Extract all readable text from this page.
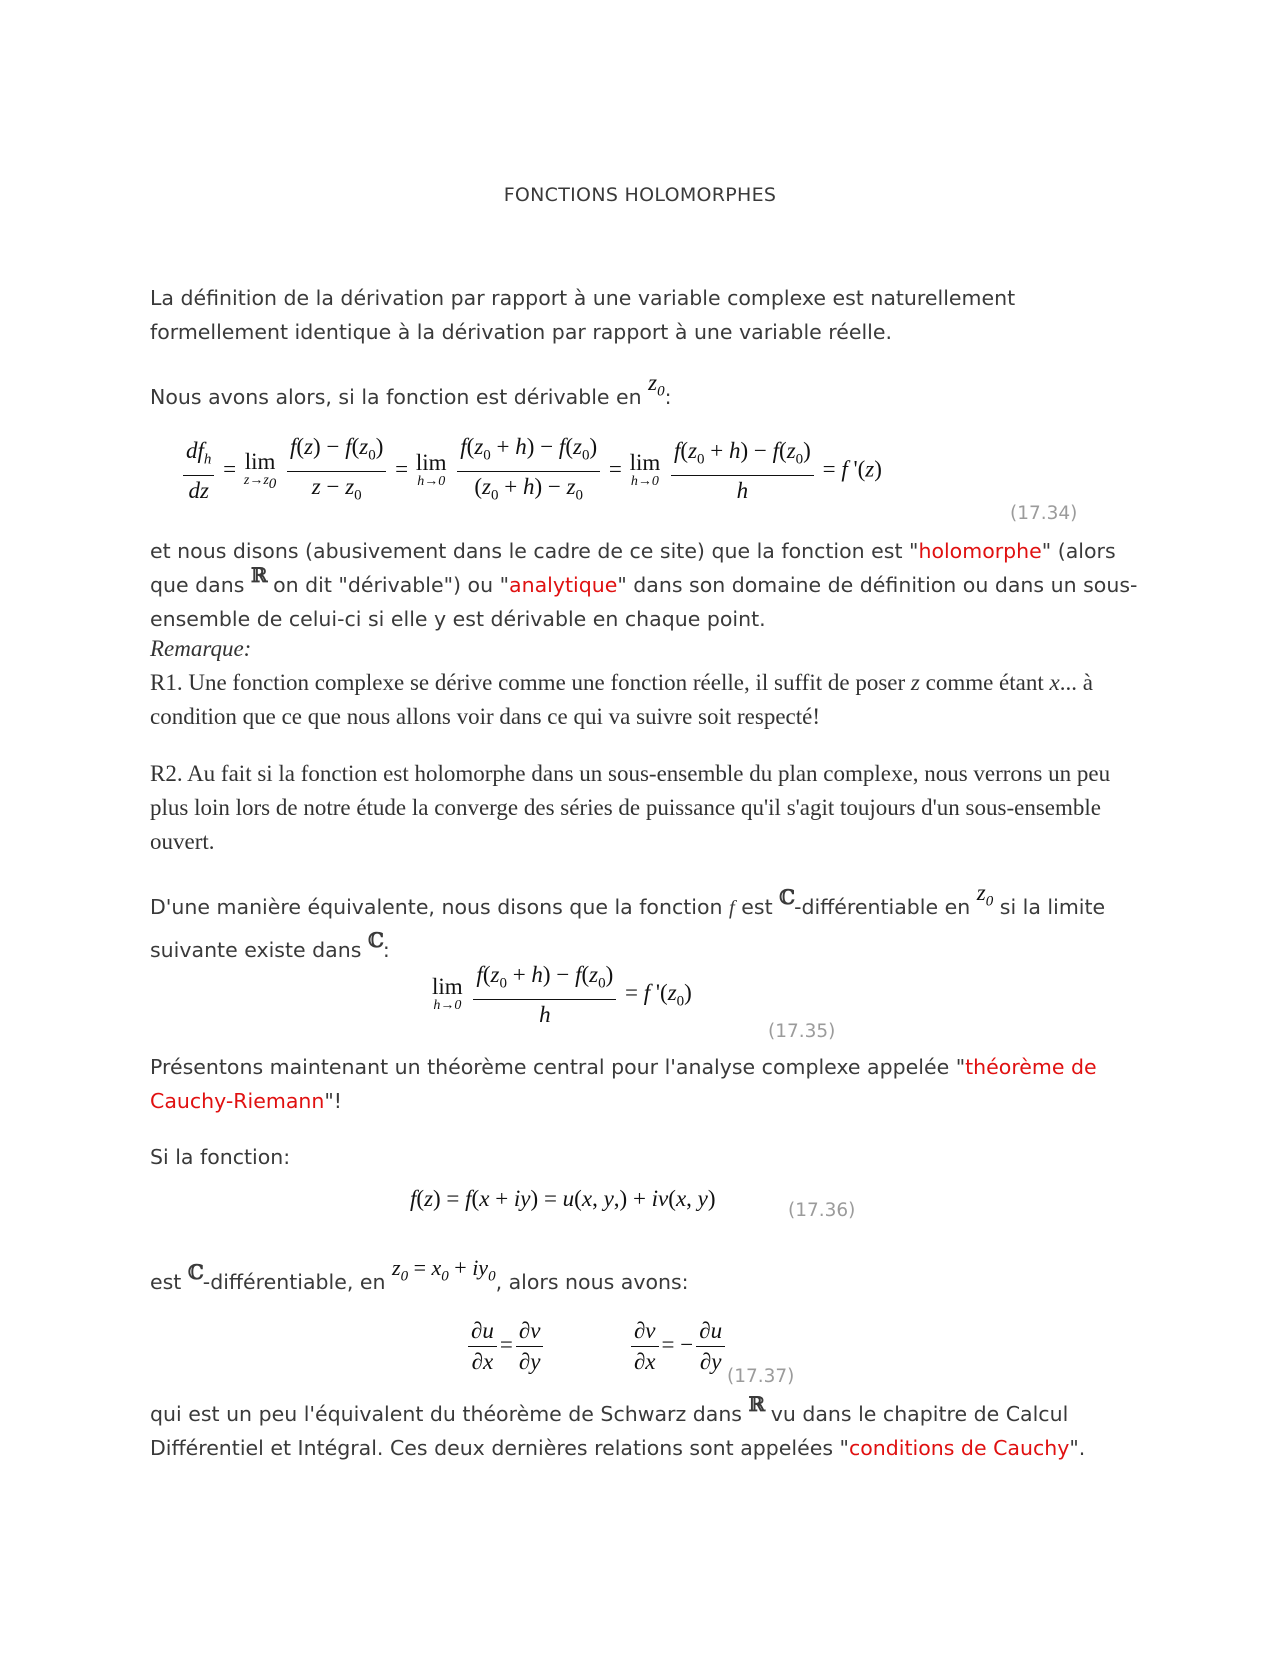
FONCTIONS HOLOMORPHES
La définition de la dérivation par rapport à une variable complexe est naturellement formellement identique à la dérivation par rapport à une variable réelle.
Nous avons alors, si la fonction est dérivable en $z_0$:
$\frac{df_h}{dz} = \lim$
$z\to z_0$
$\frac{f(z) - f(z_0)}{z - z_0} = \lim$
h→0
$\frac{f(z_0 + h) - f(z_0)}{(z_0 + h) - z_0} = \lim$
h→0
$\frac{f(z_0 + h) - f(z_0)}{h} = f$ '(z)
(17.34)
et nous disons (abusivement dans le cadre de ce site) que la fonction est "holomorphe" (alors que dans ℝ on dit "dérivable") ou "analytique" dans son domaine de définition ou dans un sous-ensemble de celui-ci si elle y est dérivable en chaque point.
Remarque:
R1. Une fonction complexe se dérive comme une fonction réelle, il suffit de poser z comme étant x... à condition que ce que nous allons voir dans ce qui va suivre soit respecté!
R2. Au fait si la fonction est holomorphe dans un sous-ensemble du plan complexe, nous verrons un peu plus loin lors de notre étude la converge des séries de puissance qu'il s'agit toujours d'un sous-ensemble ouvert.
D'une manière équivalente, nous disons que la fonction f est ℂ-différentiable en $z_0$ si la limite suivante existe dans ℂ:
lim
h→0
$\frac{f(z_0 + h) - f(z_0)}{h} = f$ '$(z_0)$
(17.35)
Présentons maintenant un théorème central pour l'analyse complexe appelée "théorème de Cauchy-Riemann"!
Si la fonction:
f(z) = f(x + iy) = u(x, y,) + iv(x, y)	(17.36)
est ℂ-différentiable, en $z_0 = x_0 + iy_0$, alors nous avons:
$\frac{\partial u}{\partial x} = \frac{\partial v}{\partial y}$
	$\frac{\partial v}{\partial x}$ = − $\frac{\partial u}{\partial y} (17.37)$
qui est un peu l'équivalent du théorème de Schwarz dans ℝ vu dans le chapitre de Calcul Différentiel et Intégral. Ces deux dernières relations sont appelées "conditions de Cauchy".
